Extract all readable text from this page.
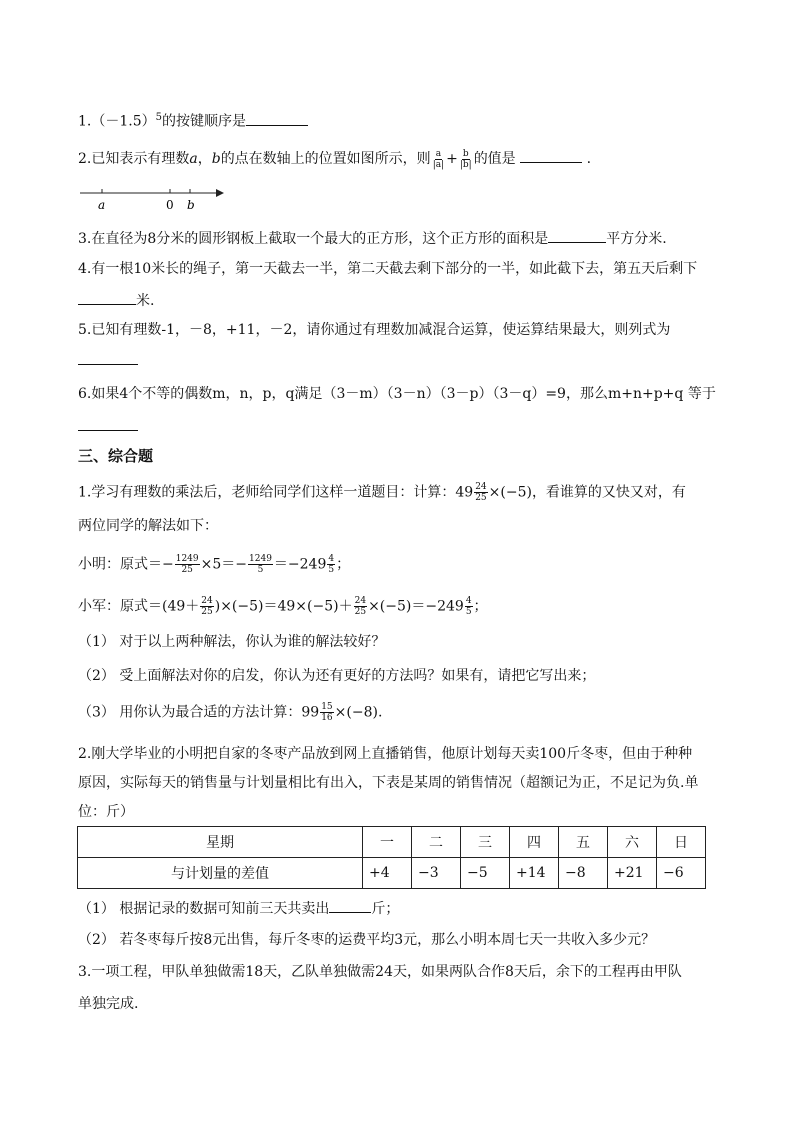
$1.(-1.5)^5$的按键顺序是
2.已知表示有理数a，b的点在数轴上的位置如图所示，则 $\frac{a}{|a|} + \frac{b}{|b|}$ 的值是	.
a	0 b
3.在直径为8分米的圆形钢板上截取一个最大的正方形，这个正方形的面积是	平方分米.
4.有一根10米长的绳子，第一天截去一半，第二天截去剩下部分的一半，如此截下去，第五天后剩下
米.
5.已知有理数-1，－8，+11，－2，请你通过有理数加减混合运算，使运算结果最大，则列式为
6.如果4个不等的偶数m，n，p，q满足（3－m）（3－n）（3－p）（3－q）=9，那么m+n+p+q 等于
三、综合题
1.学习有理数的乘法后，老师给同学们这样一道题目：计算：$49 \frac{24}{25} \times(-5)$，看谁算的又快又对，有
两位同学的解法如下：
小明：原式＝− $\frac{1249}{25} \times 5=- \frac{1249}{5} =-249 \frac{4}{5}$ ；
小军：原式$=(49+ \frac{24}{25} )\times(-5)=49\times(-5)+ \frac{24}{25} \times(-5)=-249 \frac{4}{5}$ ；
（1） 对于以上两种解法，你认为谁的解法较好？
（2） 受上面解法对你的启发，你认为还有更好的方法吗？如果有，请把它写出来；
（3） 用你认为最合适的方法计算：$99 \frac{15}{16} \times(-8)$.
2.刚大学毕业的小明把自家的冬枣产品放到网上直播销售，他原计划每天卖100斤冬枣，但由于种种
原因，实际每天的销售量与计划量相比有出入，下表是某周的销售情况（超额记为正，不足记为负.单
位：斤）
星期	一	二	三	四	五	六	日
与计划量的差值	+4	−3	−5	+14	−8	+21	−6
（1） 根据记录的数据可知前三天共卖出	斤；
（2） 若冬枣每斤按8元出售，每斤冬枣的运费平均3元，那么小明本周七天一共收入多少元？
3.一项工程，甲队单独做需18天，乙队单独做需24天，如果两队合作8天后，余下的工程再由甲队
单独完成.
